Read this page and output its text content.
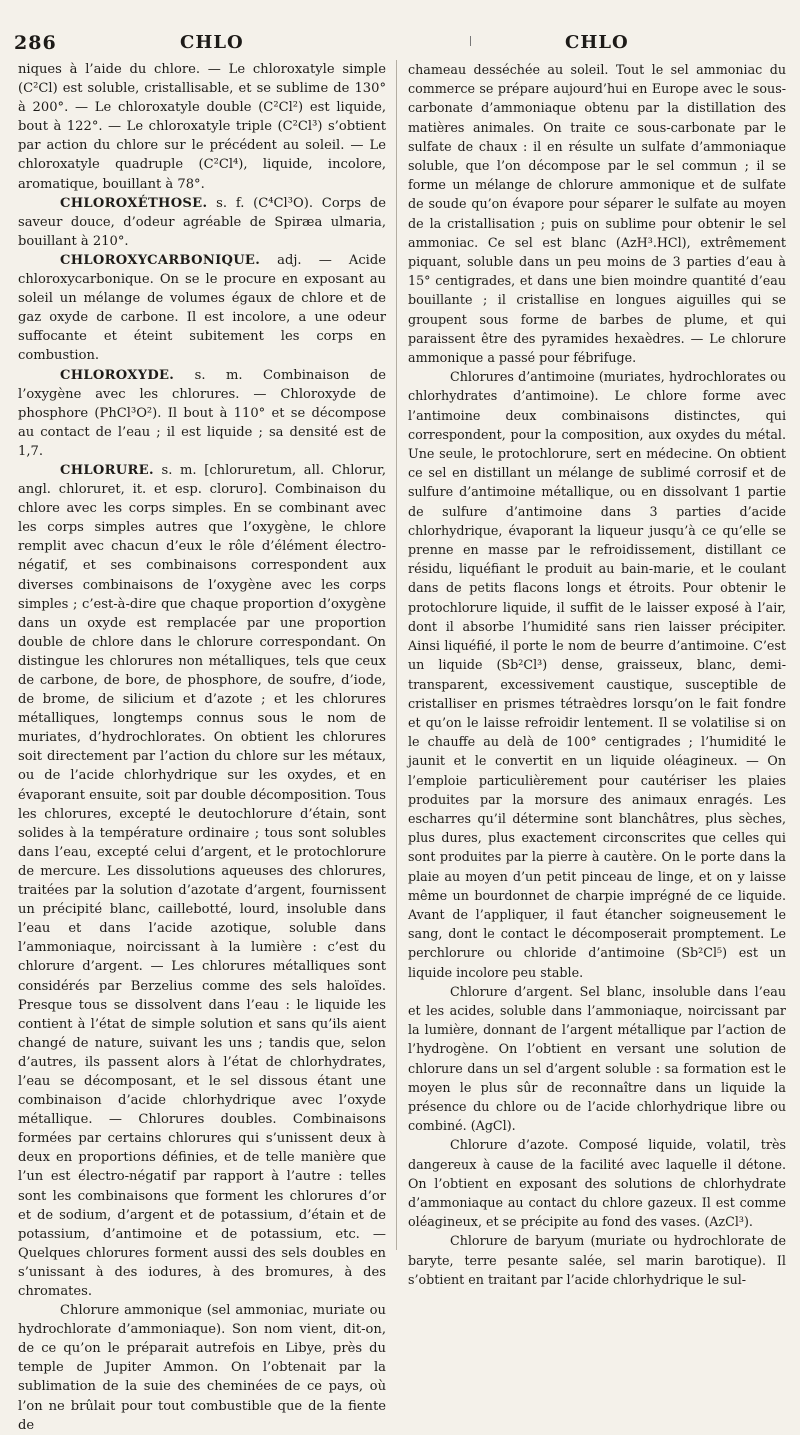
286	CHLO	CHLO

niques à l’aide du chlore. — Le chloroxatyle simple (C²Cl) est soluble, cristallisable, et se sublime de 130° à 200°. — Le chloroxatyle double (C²Cl²) est liquide, bout à 122°. — Le chloroxatyle triple (C²Cl³) s’obtient par action du chlore sur le précédent au soleil. — Le chloroxatyle quadruple (C²Cl⁴), liquide, incolore, aromatique, bouillant à 78°.

CHLOROXÉTHOSE. s. f. (C⁴Cl³O). Corps de saveur douce, d’odeur agréable de Spiræa ulmaria, bouillant à 210°.

CHLOROXYCARBONIQUE. adj. — Acide chloroxycarbonique. On se le procure en exposant au soleil un mélange de volumes égaux de chlore et de gaz oxyde de carbone. Il est incolore, a une odeur suffocante et éteint subitement les corps en combustion.

CHLOROXYDE. s. m. Combinaison de l’oxygène avec les chlorures. — Chloroxyde de phosphore (PhCl³O²). Il bout à 110° et se décompose au contact de l’eau ; il est liquide ; sa densité est de 1,7.

CHLORURE. s. m. [chloruretum, all. Chlorur, angl. chloruret, it. et esp. cloruro]. Combinaison du chlore avec les corps simples. En se combinant avec les corps simples autres que l’oxygène, le chlore remplit avec chacun d’eux le rôle d’élément électro-négatif, et ses combinaisons correspondent aux diverses combinaisons de l’oxygène avec les corps simples ; c’est-à-dire que chaque proportion d’oxygène dans un oxyde est remplacée par une proportion double de chlore dans le chlorure correspondant. On distingue les chlorures non métalliques, tels que ceux de carbone, de bore, de phosphore, de soufre, d’iode, de brome, de silicium et d’azote ; et les chlorures métalliques, longtemps connus sous le nom de muriates, d’hydrochlorates. On obtient les chlorures soit directement par l’action du chlore sur les métaux, ou de l’acide chlorhydrique sur les oxydes, et en évaporant ensuite, soit par double décomposition. Tous les chlorures, excepté le deutochlorure d’étain, sont solides à la température ordinaire ; tous sont solubles dans l’eau, excepté celui d’argent, et le protochlorure de mercure. Les dissolutions aqueuses des chlorures, traitées par la solution d’azotate d’argent, fournissent un précipité blanc, caillebotté, lourd, insoluble dans l’eau et dans l’acide azotique, soluble dans l’ammoniaque, noircissant à la lumière : c’est du chlorure d’argent. — Les chlorures métalliques sont considérés par Berzelius comme des sels haloïdes. Presque tous se dissolvent dans l’eau : le liquide les contient à l’état de simple solution et sans qu’ils aient changé de nature, suivant les uns ; tandis que, selon d’autres, ils passent alors à l’état de chlorhydrates, l’eau se décomposant, et le sel dissous étant une combinaison d’acide chlorhydrique avec l’oxyde métallique. — Chlorures doubles. Combinaisons formées par certains chlorures qui s’unissent deux à deux en proportions définies, et de telle manière que l’un est électro-négatif par rapport à l’autre : telles sont les combinaisons que forment les chlorures d’or et de sodium, d’argent et de potassium, d’étain et de potassium, d’antimoine et de potassium, etc. — Quelques chlorures forment aussi des sels doubles en s’unissant à des iodures, à des bromures, à des chromates.

Chlorure ammonique (sel ammoniac, muriate ou hydrochlorate d’ammoniaque). Son nom vient, dit-on, de ce qu’on le préparait autrefois en Libye, près du temple de Jupiter Ammon. On l’obtenait par la sublimation de la suie des cheminées de ce pays, où l’on ne brûlait pour tout combustible que de la fiente de

chameau desséchée au soleil. Tout le sel ammoniac du commerce se prépare aujourd’hui en Europe avec le sous-carbonate d’ammoniaque obtenu par la distillation des matières animales. On traite ce sous-carbonate par le sulfate de chaux : il en résulte un sulfate d’ammoniaque soluble, que l’on décompose par le sel commun ; il se forme un mélange de chlorure ammonique et de sulfate de soude qu’on évapore pour séparer le sulfate au moyen de la cristallisation ; puis on sublime pour obtenir le sel ammoniac. Ce sel est blanc (AzH³.HCl), extrêmement piquant, soluble dans un peu moins de 3 parties d’eau à 15° centigrades, et dans une bien moindre quantité d’eau bouillante ; il cristallise en longues aiguilles qui se groupent sous forme de barbes de plume, et qui paraissent être des pyramides hexaèdres. — Le chlorure ammonique a passé pour fébrifuge.

Chlorures d’antimoine (muriates, hydrochlorates ou chlorhydrates d’antimoine). Le chlore forme avec l’antimoine deux combinaisons distinctes, qui correspondent, pour la composition, aux oxydes du métal. Une seule, le protochlorure, sert en médecine. On obtient ce sel en distillant un mélange de sublimé corrosif et de sulfure d’antimoine métallique, ou en dissolvant 1 partie de sulfure d’antimoine dans 3 parties d’acide chlorhydrique, évaporant la liqueur jusqu’à ce qu’elle se prenne en masse par le refroidissement, distillant ce résidu, liquéfiant le produit au bain-marie, et le coulant dans de petits flacons longs et étroits. Pour obtenir le protochlorure liquide, il suffit de le laisser exposé à l’air, dont il absorbe l’humidité sans rien laisser précipiter. Ainsi liquéfié, il porte le nom de beurre d’antimoine. C’est un liquide (Sb²Cl³) dense, graisseux, blanc, demi-transparent, excessivement caustique, susceptible de cristalliser en prismes tétraèdres lorsqu’on le fait fondre et qu’on le laisse refroidir lentement. Il se volatilise si on le chauffe au delà de 100° centigrades ; l’humidité le jaunit et le convertit en un liquide oléagineux. — On l’emploie particulièrement pour cautériser les plaies produites par la morsure des animaux enragés. Les escharres qu’il détermine sont blanchâtres, plus sèches, plus dures, plus exactement circonscrites que celles qui sont produites par la pierre à cautère. On le porte dans la plaie au moyen d’un petit pinceau de linge, et on y laisse même un bourdonnet de charpie imprégné de ce liquide. Avant de l’appliquer, il faut étancher soigneusement le sang, dont le contact le décomposerait promptement. Le perchlorure ou chloride d’antimoine (Sb²Cl⁵) est un liquide incolore peu stable.

Chlorure d’argent. Sel blanc, insoluble dans l’eau et les acides, soluble dans l’ammoniaque, noircissant par la lumière, donnant de l’argent métallique par l’action de l’hydrogène. On l’obtient en versant une solution de chlorure dans un sel d’argent soluble : sa formation est le moyen le plus sûr de reconnaître dans un liquide la présence du chlore ou de l’acide chlorhydrique libre ou combiné. (AgCl).

Chlorure d’azote. Composé liquide, volatil, très dangereux à cause de la facilité avec laquelle il détone. On l’obtient en exposant des solutions de chlorhydrate d’ammoniaque au contact du chlore gazeux. Il est comme oléagineux, et se précipite au fond des vases. (AzCl³).

Chlorure de baryum (muriate ou hydrochlorate de baryte, terre pesante salée, sel marin barotique). Il s’obtient en traitant par l’acide chlorhydrique le sul-
